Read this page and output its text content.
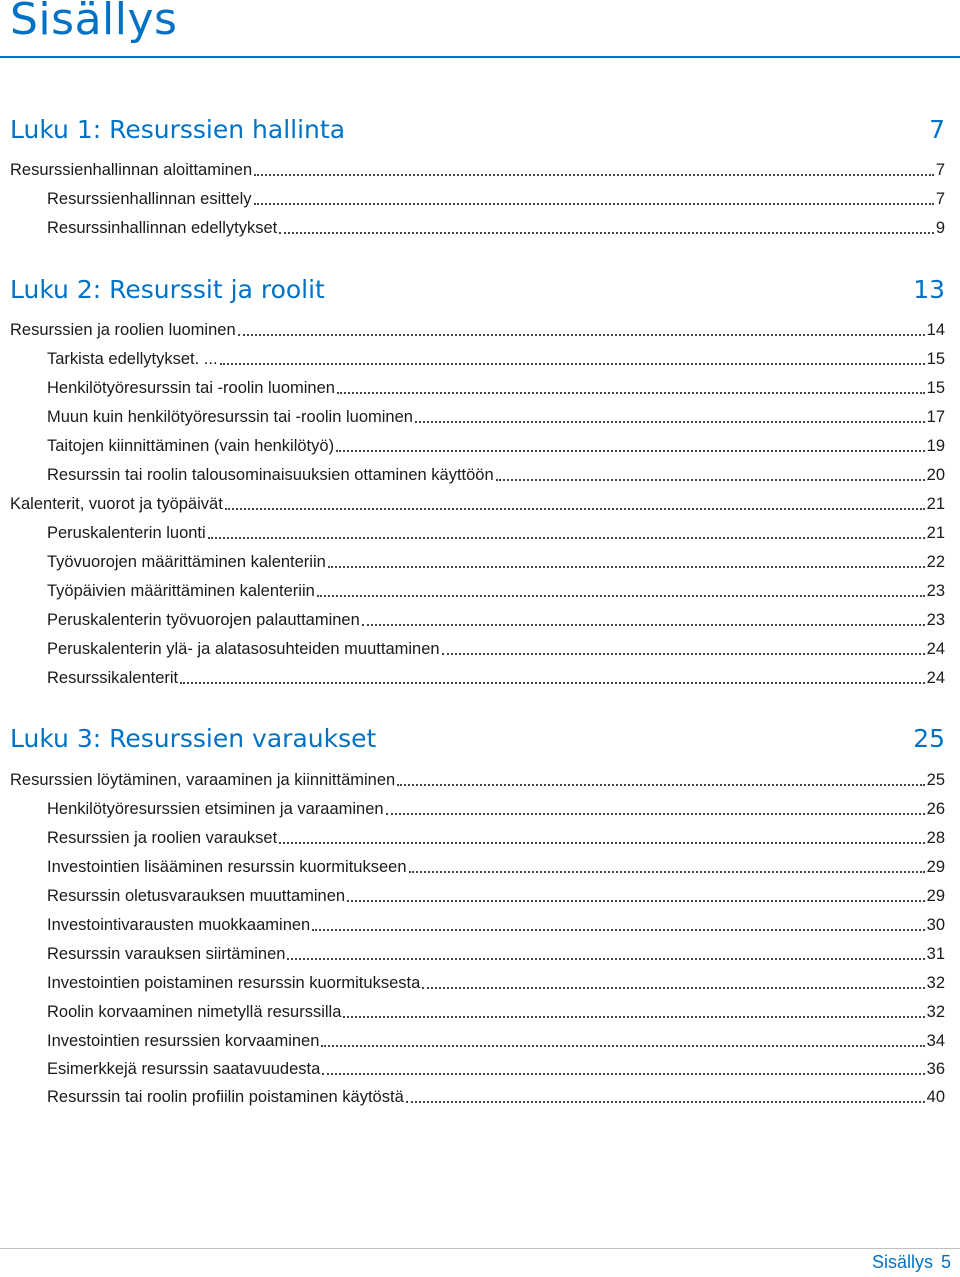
Sisällys
Luku 1: Resurssien hallinta	7
Resurssienhallinnan aloittaminen	7
Resurssienhallinnan esittely	7
Resurssinhallinnan edellytykset	9
Luku 2: Resurssit ja roolit	13
Resurssien ja roolien luominen	14
Tarkista edellytykset. ...	15
Henkilötyöresurssin tai -roolin luominen	15
Muun kuin henkilötyöresurssin tai -roolin luominen	17
Taitojen kiinnittäminen (vain henkilötyö)	19
Resurssin tai roolin talousominaisuuksien ottaminen käyttöön	20
Kalenterit, vuorot ja työpäivät	21
Peruskalenterin luonti	21
Työvuorojen määrittäminen kalenteriin	22
Työpäivien määrittäminen kalenteriin	23
Peruskalenterin työvuorojen palauttaminen	23
Peruskalenterin ylä- ja alatasosuhteiden muuttaminen	24
Resurssikalenterit	24
Luku 3: Resurssien varaukset	25
Resurssien löytäminen, varaaminen ja kiinnittäminen	25
Henkilötyöresurssien etsiminen ja varaaminen	26
Resurssien ja roolien varaukset	28
Investointien lisääminen resurssin kuormitukseen	29
Resurssin oletusvarauksen muuttaminen	29
Investointivarausten muokkaaminen	30
Resurssin varauksen siirtäminen	31
Investointien poistaminen resurssin kuormituksesta	32
Roolin korvaaminen nimetyllä resurssilla	32
Investointien resurssien korvaaminen	34
Esimerkkejä resurssin saatavuudesta	36
Resurssin tai roolin profiilin poistaminen käytöstä	40
Sisällys 5
